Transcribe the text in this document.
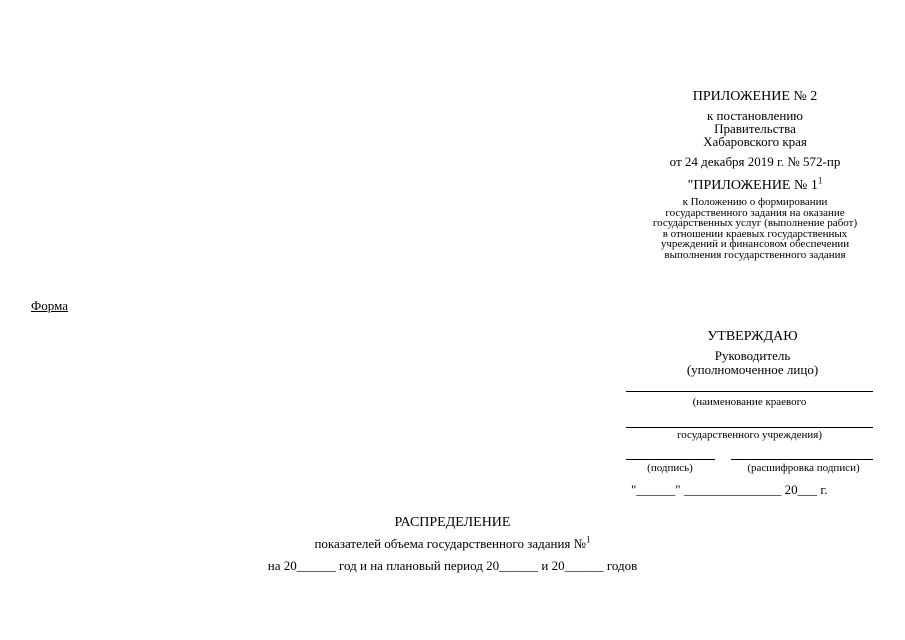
ПРИЛОЖЕНИЕ № 2
к постановлению
Правительства
Хабаровского края
от 24 декабря 2019 г. № 572-пр
"ПРИЛОЖЕНИЕ № $1^1$
к Положению о формировании
государственного задания на оказание
государственных услуг (выполнение работ)
в отношении краевых государственных
учреждений и финансовом обеспечении
выполнения государственного задания
Форма
УТВЕРЖДАЮ
Руководитель
(уполномоченное лицо)
(наименование краевого
государственного учреждения)
(подпись)	(расшифровка подписи)
"______" _______________ 20___ г.
РАСПРЕДЕЛЕНИЕ
показателей объема государственного задания №$^1$
на 20______ год и на плановый период 20______ и 20______ годов
